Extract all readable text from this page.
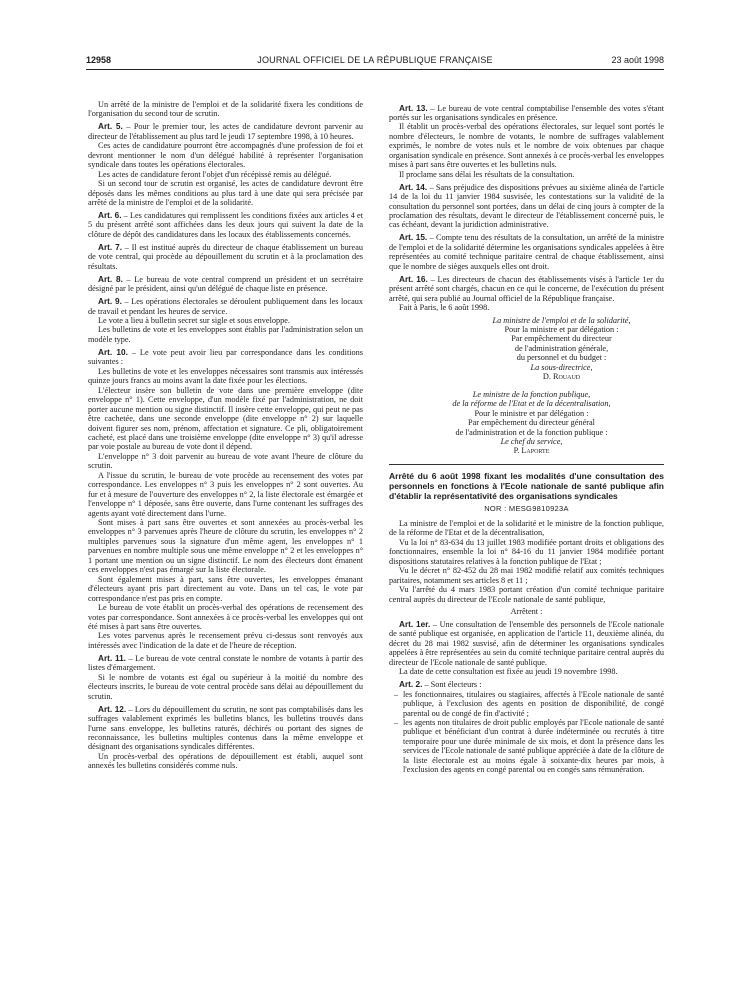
12958	JOURNAL OFFICIEL DE LA RÉPUBLIQUE FRANÇAISE	23 août 1998

Un arrêté de la ministre de l'emploi et de la solidarité fixera les conditions de l'organisation du second tour de scrutin.

Art. 5. – Pour le premier tour, les actes de candidature devront parvenir au directeur de l'établissement au plus tard le jeudi 17 septembre 1998, à 10 heures.

Ces actes de candidature pourront être accompagnés d'une profession de foi et devront mentionner le nom d'un délégué habilité à représenter l'organisation syndicale dans toutes les opérations électorales.

Les actes de candidature feront l'objet d'un récépissé remis au délégué.

Si un second tour de scrutin est organisé, les actes de candidature devront être déposés dans les mêmes conditions au plus tard à une date qui sera précisée par arrêté de la ministre de l'emploi et de la solidarité.

Art. 6. – Les candidatures qui remplissent les conditions fixées aux articles 4 et 5 du présent arrêté sont affichées dans les deux jours qui suivent la date de la clôture de dépôt des candidatures dans les locaux des établissements concernés.

Art. 7. – Il est institué auprès du directeur de chaque établissement un bureau de vote central, qui procède au dépouillement du scrutin et à la proclamation des résultats.

Art. 8. – Le bureau de vote central comprend un président et un secrétaire désigné par le président, ainsi qu'un délégué de chaque liste en présence.

Art. 9. – Les opérations électorales se déroulent publiquement dans les locaux de travail et pendant les heures de service.

Le vote a lieu à bulletin secret sur sigle et sous enveloppe.

Les bulletins de vote et les enveloppes sont établis par l'administration selon un modèle type.

Art. 10. – Le vote peut avoir lieu par correspondance dans les conditions suivantes :

Les bulletins de vote et les enveloppes nécessaires sont transmis aux intéressés quinze jours francs au moins avant la date fixée pour les élections.

L'électeur insère son bulletin de vote dans une première enveloppe (dite enveloppe n° 1). Cette enveloppe, d'un modèle fixé par l'administration, ne doit porter aucune mention ou signe distinctif. Il insère cette enveloppe, qui peut ne pas être cachetée, dans une seconde enveloppe (dite enveloppe n° 2) sur laquelle doivent figurer ses nom, prénom, affectation et signature. Ce pli, obligatoirement cacheté, est placé dans une troisième enveloppe (dite enveloppe n° 3) qu'il adresse par voie postale au bureau de vote dont il dépend.

L'enveloppe n° 3 doit parvenir au bureau de vote avant l'heure de clôture du scrutin.

A l'issue du scrutin, le bureau de vote procède au recensement des votes par correspondance. Les enveloppes n° 3 puis les enveloppes n° 2 sont ouvertes. Au fur et à mesure de l'ouverture des enveloppes n° 2, la liste électorale est émargée et l'enveloppe n° 1 déposée, sans être ouverte, dans l'urne contenant les suffrages des agents ayant voté directement dans l'urne.

Sont mises à part sans être ouvertes et sont annexées au procès-verbal les enveloppes n° 3 parvenues après l'heure de clôture du scrutin, les enveloppes n° 2 multiples parvenues sous la signature d'un même agent, les enveloppes n° 1 parvenues en nombre multiple sous une même enveloppe n° 2 et les enveloppes n° 1 portant une mention ou un signe distinctif. Le nom des électeurs dont émanent ces enveloppes n'est pas émargé sur la liste électorale.

Sont également mises à part, sans être ouvertes, les enveloppes émanant d'électeurs ayant pris part directement au vote. Dans un tel cas, le vote par correspondance n'est pas pris en compte.

Le bureau de vote établit un procès-verbal des opérations de recensement des votes par correspondance. Sont annexées à ce procès-verbal les enveloppes qui ont été mises à part sans être ouvertes.

Les votes parvenus après le recensement prévu ci-dessus sont renvoyés aux intéressés avec l'indication de la date et de l'heure de réception.

Art. 11. – Le bureau de vote central constate le nombre de votants à partir des listes d'émargement.

Si le nombre de votants est égal ou supérieur à la moitié du nombre des électeurs inscrits, le bureau de vote central procède sans délai au dépouillement du scrutin.

Art. 12. – Lors du dépouillement du scrutin, ne sont pas comptabilisés dans les suffrages valablement exprimés les bulletins blancs, les bulletins trouvés dans l'urne sans enveloppe, les bulletins raturés, déchirés ou portant des signes de reconnaissance, les bulletins multiples contenus dans la même enveloppe et désignant des organisations syndicales différentes.

Un procès-verbal des opérations de dépouillement est établi, auquel sont annexés les bulletins considérés comme nuls.

Art. 13. – Le bureau de vote central comptabilise l'ensemble des votes s'étant portés sur les organisations syndicales en présence.

Il établit un procès-verbal des opérations électorales, sur lequel sont portés le nombre d'électeurs, le nombre de votants, le nombre de suffrages valablement exprimés, le nombre de votes nuls et le nombre de voix obtenues par chaque organisation syndicale en présence. Sont annexés à ce procès-verbal les enveloppes mises à part sans être ouvertes et les bulletins nuls.

Il proclame sans délai les résultats de la consultation.

Art. 14. – Sans préjudice des dispositions prévues au sixième alinéa de l'article 14 de la loi du 11 janvier 1984 susvisée, les contestations sur la validité de la consultation du personnel sont portées, dans un délai de cinq jours à compter de la proclamation des résultats, devant le directeur de l'établissement concerné puis, le cas échéant, devant la juridiction administrative.

Art. 15. – Compte tenu des résultats de la consultation, un arrêté de la ministre de l'emploi et de la solidarité détermine les organisations syndicales appelées à être représentées au comité technique paritaire central de chaque établissement, ainsi que le nombre de sièges auxquels elles ont droit.

Art. 16. – Les directeurs de chacun des établissements visés à l'article 1er du présent arrêté sont chargés, chacun en ce qui le concerne, de l'exécution du présent arrêté, qui sera publié au Journal officiel de la République française.

Fait à Paris, le 6 août 1998.

La ministre de l'emploi et de la solidarité,

Pour la ministre et par délégation :

Par empêchement du directeur

de l'administration générale,

du personnel et du budget :

La sous-directrice,

D. Rouaud

Le ministre de la fonction publique,

de la réforme de l'Etat et de la décentralisation,

Pour le ministre et par délégation :

Par empêchement du directeur général

de l'administration et de la fonction publique :

Le chef du service,

P. Laporte

Arrêté du 6 août 1998 fixant les modalités d'une consultation des personnels en fonctions à l'Ecole nationale de santé publique afin d'établir la représentativité des organisations syndicales
NOR : MESG9810923A

La ministre de l'emploi et de la solidarité et le ministre de la fonction publique, de la réforme de l'Etat et de la décentralisation,

Vu la loi n° 83-634 du 13 juillet 1983 modifiée portant droits et obligations des fonctionnaires, ensemble la loi n° 84-16 du 11 janvier 1984 modifiée portant dispositions statutaires relatives à la fonction publique de l'Etat ;

Vu le décret n° 82-452 du 28 mai 1982 modifié relatif aux comités techniques paritaires, notamment ses articles 8 et 11 ;

Vu l'arrêté du 4 mars 1983 portant création d'un comité technique paritaire central auprès du directeur de l'Ecole nationale de santé publique,

Arrêtent :

Art. 1er. – Une consultation de l'ensemble des personnels de l'Ecole nationale de santé publique est organisée, en application de l'article 11, deuxième alinéa, du décret du 28 mai 1982 susvisé, afin de déterminer les organisations syndicales appelées à être représentées au sein du comité technique paritaire central auprès du directeur de l'Ecole nationale de santé publique.

La date de cette consultation est fixée au jeudi 19 novembre 1998.

Art. 2. – Sont électeurs :

– les fonctionnaires, titulaires ou stagiaires, affectés à l'Ecole nationale de santé publique, à l'exclusion des agents en position de disponibilité, de congé parental ou de congé de fin d'activité ;

– les agents non titulaires de droit public employés par l'Ecole nationale de santé publique et bénéficiant d'un contrat à durée indéterminée ou recrutés à titre temporaire pour une durée minimale de six mois, et dont la présence dans les services de l'Ecole nationale de santé publique appréciée à date de la clôture de la liste électorale est au moins égale à soixante-dix heures par mois, à l'exclusion des agents en congé parental ou en congés sans rémunération.
